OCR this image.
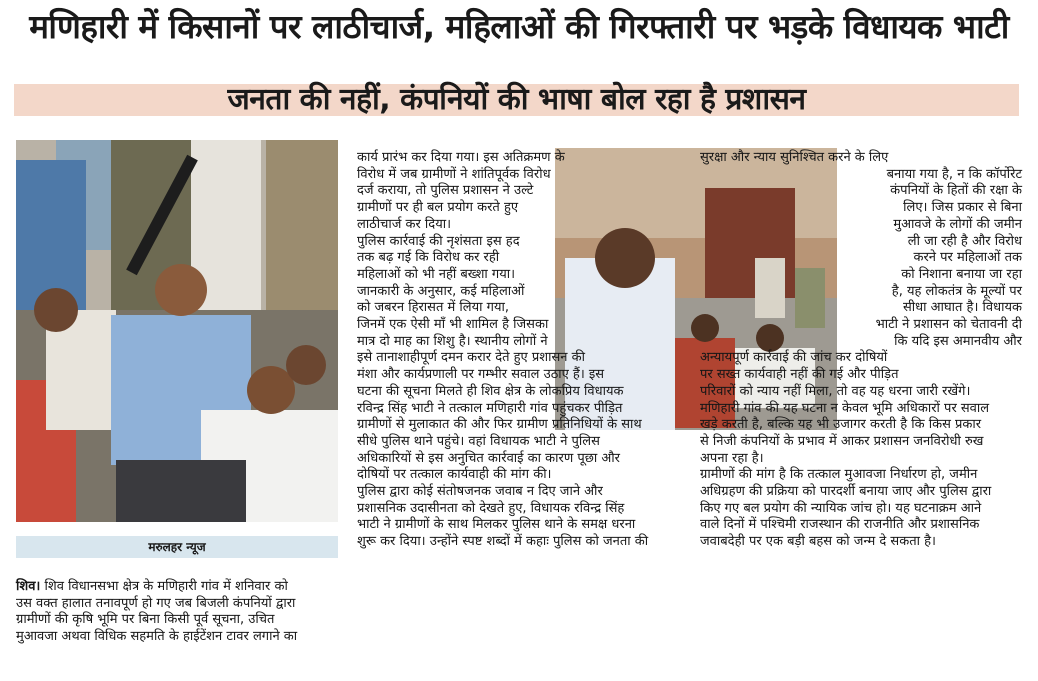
मणिहारी में किसानों पर लाठीचार्ज, महिलाओं की गिरफ्तारी पर भड़के विधायक भाटी
जनता की नहीं, कंपनियों की भाषा बोल रहा है प्रशासन
मरुलहर न्यूज
शिव। शिव विधानसभा क्षेत्र के मणिहारी गांव में शनिवार को
उस वक्त हालात तनावपूर्ण हो गए जब बिजली कंपनियों द्वारा
ग्रामीणों की कृषि भूमि पर बिना किसी पूर्व सूचना, उचित
मुआवजा अथवा विधिक सहमति के हाईटेंशन टावर लगाने का
कार्य प्रारंभ कर दिया गया। इस अतिक्रमण के
विरोध में जब ग्रामीणों ने शांतिपूर्वक विरोध
दर्ज कराया, तो पुलिस प्रशासन ने उल्टे
ग्रामीणों पर ही बल प्रयोग करते हुए
लाठीचार्ज कर दिया।
पुलिस कार्रवाई की नृशंसता इस हद
तक बढ़ गई कि विरोध कर रही
महिलाओं को भी नहीं बख्शा गया।
जानकारी के अनुसार, कई महिलाओं
को जबरन हिरासत में लिया गया,
जिनमें एक ऐसी माँ भी शामिल है जिसका
मात्र दो माह का शिशु है। स्थानीय लोगों ने
इसे तानाशाहीपूर्ण दमन करार देते हुए प्रशासन की
मंशा और कार्यप्रणाली पर गम्भीर सवाल उठाए हैं। इस
घटना की सूचना मिलते ही शिव क्षेत्र के लोकप्रिय विधायक
रविन्द्र सिंह भाटी ने तत्काल मणिहारी गांव पहुंचकर पीड़ित
ग्रामीणों से मुलाकात की और फिर ग्रामीण प्रतिनिधियों के साथ
सीधे पुलिस थाने पहुंचे। वहां विधायक भाटी ने पुलिस
अधिकारियों से इस अनुचित कार्रवाई का कारण पूछा और
दोषियों पर तत्काल कार्यवाही की मांग की।
पुलिस द्वारा कोई संतोषजनक जवाब न दिए जाने और
प्रशासनिक उदासीनता को देखते हुए, विधायक रविन्द्र सिंह
भाटी ने ग्रामीणों के साथ मिलकर पुलिस थाने के समक्ष धरना
शुरू कर दिया। उन्होंने स्पष्ट शब्दों में कहाः पुलिस को जनता की
सुरक्षा और न्याय सुनिश्चित करने के लिए
बनाया गया है, न कि कॉर्पोरेट
कंपनियों के हितों की रक्षा के
लिए। जिस प्रकार से बिना
मुआवजे के लोगों की जमीन
ली जा रही है और विरोध
करने पर महिलाओं तक
को निशाना बनाया जा रहा
है, यह लोकतंत्र के मूल्यों पर
सीधा आघात है। विधायक
भाटी ने प्रशासन को चेतावनी दी
कि यदि इस अमानवीय और
अन्यायपूर्ण कार्रवाई की जांच कर दोषियों
पर सख्त कार्यवाही नहीं की गई और पीड़ित
परिवारों को न्याय नहीं मिला, तो वह यह धरना जारी रखेंगे।
मणिहारी गांव की यह घटना न केवल भूमि अधिकारों पर सवाल
खड़े करती है, बल्कि यह भी उजागर करती है कि किस प्रकार
से निजी कंपनियों के प्रभाव में आकर प्रशासन जनविरोधी रुख
अपना रहा है।
ग्रामीणों की मांग है कि तत्काल मुआवजा निर्धारण हो, जमीन
अधिग्रहण की प्रक्रिया को पारदर्शी बनाया जाए और पुलिस द्वारा
किए गए बल प्रयोग की न्यायिक जांच हो। यह घटनाक्रम आने
वाले दिनों में पश्चिमी राजस्थान की राजनीति और प्रशासनिक
जवाबदेही पर एक बड़ी बहस को जन्म दे सकता है।
